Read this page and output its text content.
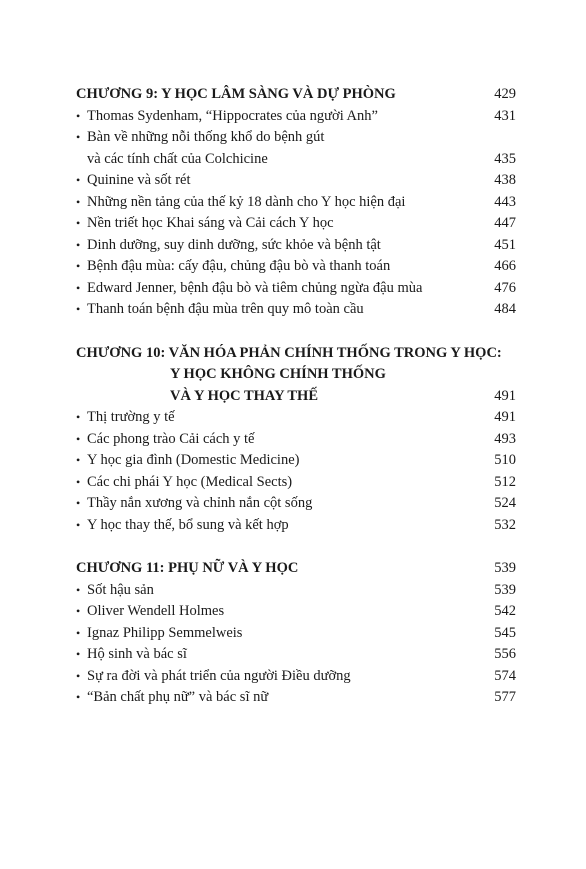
CHƯƠNG 9: Y HỌC LÂM SÀNG VÀ DỰ PHÒNG	429
• Thomas Sydenham, “Hippocrates của người Anh”	431
• Bàn về những nỗi thống khổ do bệnh gút
và các tính chất của Colchicine	435
• Quinine và sốt rét	438
• Những nền tảng của thế kỷ 18 dành cho Y học hiện đại	443
• Nền triết học Khai sáng và Cải cách Y học	447
• Dinh dưỡng, suy dinh dưỡng, sức khỏe và bệnh tật	451
• Bệnh đậu mùa: cấy đậu, chủng đậu bò và thanh toán	466
• Edward Jenner, bệnh đậu bò và tiêm chủng ngừa đậu mùa	476
• Thanh toán bệnh đậu mùa trên quy mô toàn cầu	484
CHƯƠNG 10: VĂN HÓA PHẢN CHÍNH THỐNG TRONG Y HỌC:
Y HỌC KHÔNG CHÍNH THỐNG
VÀ Y HỌC THAY THẾ	491
• Thị trường y tế	491
• Các phong trào Cải cách y tế	493
• Y học gia đình (Domestic Medicine)	510
• Các chi phái Y học (Medical Sects)	512
• Thầy nắn xương và chỉnh nắn cột sống	524
• Y học thay thế, bổ sung và kết hợp	532
CHƯƠNG 11: PHỤ NỮ VÀ Y HỌC	539
• Sốt hậu sản	539
• Oliver Wendell Holmes	542
• Ignaz Philipp Semmelweis	545
• Hộ sinh và bác sĩ	556
• Sự ra đời và phát triển của người Điều dưỡng	574
• “Bản chất phụ nữ” và bác sĩ nữ	577
